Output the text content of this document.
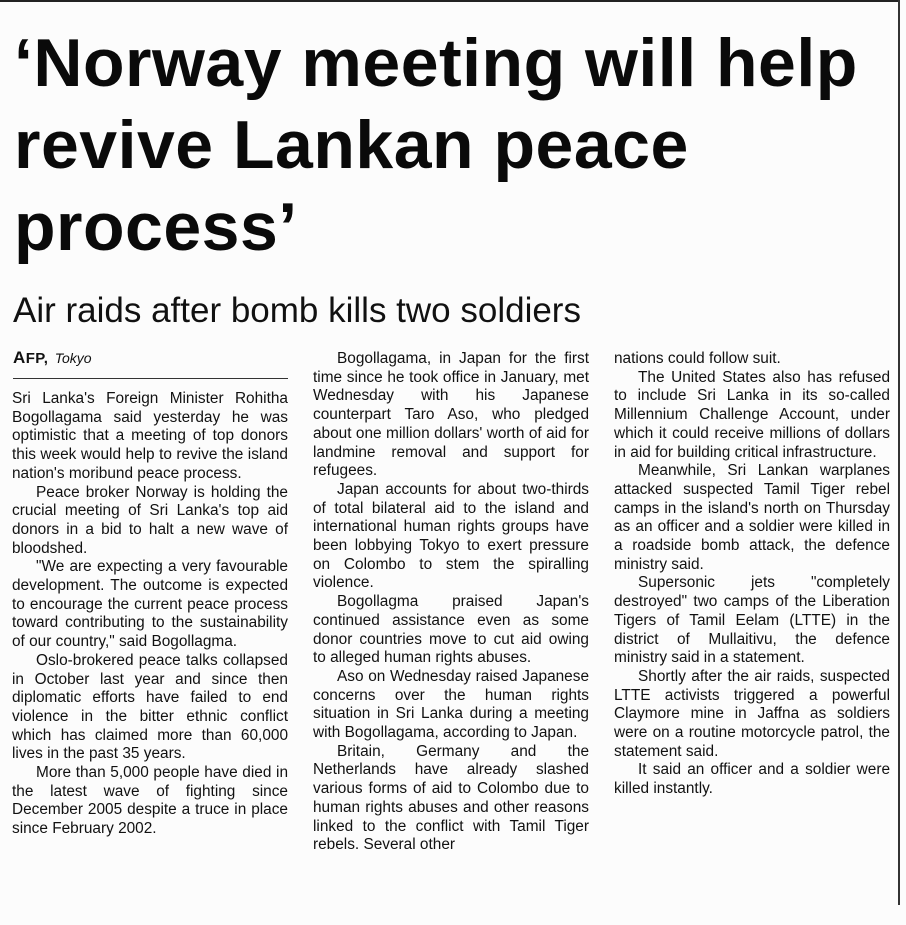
‘Norway meeting will help revive Lankan peace process’
Air raids after bomb kills two soldiers
AFP, Tokyo

Sri Lanka's Foreign Minister Rohitha Bogollagama said yesterday he was optimistic that a meeting of top donors this week would help to revive the island nation's moribund peace process.

Peace broker Norway is holding the crucial meeting of Sri Lanka's top aid donors in a bid to halt a new wave of bloodshed.

"We are expecting a very favourable development. The outcome is expected to encourage the current peace process toward contributing to the sustainability of our country," said Bogollagma.

Oslo-brokered peace talks collapsed in October last year and since then diplomatic efforts have failed to end violence in the bitter ethnic conflict which has claimed more than 60,000 lives in the past 35 years.

More than 5,000 people have died in the latest wave of fighting since December 2005 despite a truce in place since February 2002.

Bogollagama, in Japan for the first time since he took office in January, met Wednesday with his Japanese counterpart Taro Aso, who pledged about one million dollars' worth of aid for landmine removal and support for refugees.

Japan accounts for about two-thirds of total bilateral aid to the island and international human rights groups have been lobbying Tokyo to exert pressure on Colombo to stem the spiralling violence.

Bogollagma praised Japan's continued assistance even as some donor countries move to cut aid owing to alleged human rights abuses.

Aso on Wednesday raised Japanese concerns over the human rights situation in Sri Lanka during a meeting with Bogollagama, according to Japan.

Britain, Germany and the Netherlands have already slashed various forms of aid to Colombo due to human rights abuses and other reasons linked to the conflict with Tamil Tiger rebels. Several other

nations could follow suit.

The United States also has refused to include Sri Lanka in its so-called Millennium Challenge Account, under which it could receive millions of dollars in aid for building critical infrastructure.

Meanwhile, Sri Lankan warplanes attacked suspected Tamil Tiger rebel camps in the island's north on Thursday as an officer and a soldier were killed in a roadside bomb attack, the defence ministry said.

Supersonic jets "completely destroyed" two camps of the Liberation Tigers of Tamil Eelam (LTTE) in the district of Mullaitivu, the defence ministry said in a statement.

Shortly after the air raids, suspected LTTE activists triggered a powerful Claymore mine in Jaffna as soldiers were on a routine motorcycle patrol, the statement said.

It said an officer and a soldier were killed instantly.
